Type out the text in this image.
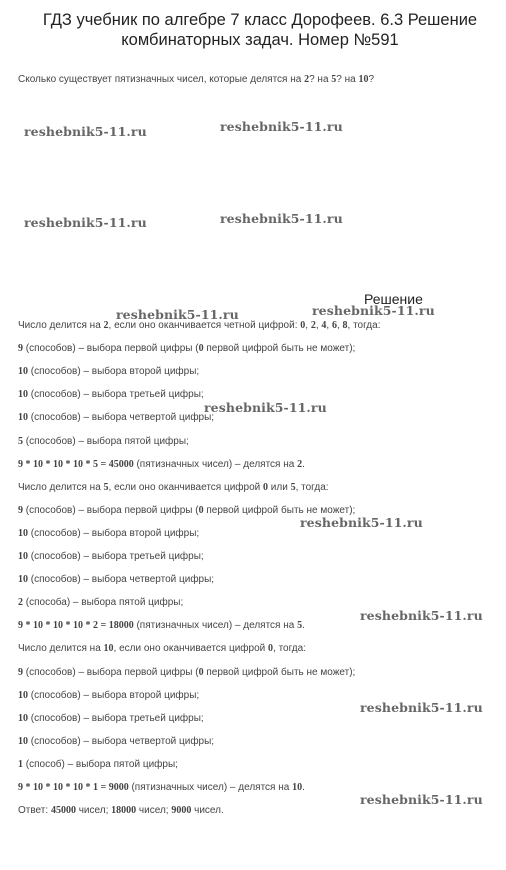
ГДЗ учебник по алгебре 7 класс Дорофеев. 6.3 Решение
комбинаторных задач. Номер №591
Сколько существует пятизначных чисел, которые делятся на 2? на 5? на 10?
reshebnik5-11.ru	reshebnik5-11.ru
reshebnik5-11.ru	reshebnik5-11.ru
reshebnik5-11.ru	reshebnik5-11.ru
reshebnik5-11.ru
reshebnik5-11.ru
reshebnik5-11.ru
reshebnik5-11.ru
reshebnik5-11.ru
Решение
Число делится на 2, если оно оканчивается четной цифрой: 0, 2, 4, 6, 8, тогда:
9 (способов) – выбора первой цифры (0 первой цифрой быть не может);
10 (способов) – выбора второй цифры;
10 (способов) – выбора третьей цифры;
10 (способов) – выбора четвертой цифры;
5 (способов) – выбора пятой цифры;
9 * 10 * 10 * 10 * 5 = 45000 (пятизначных чисел) – делятся на 2.
Число делится на 5, если оно оканчивается цифрой 0 или 5, тогда:
9 (способов) – выбора первой цифры (0 первой цифрой быть не может);
10 (способов) – выбора второй цифры;
10 (способов) – выбора третьей цифры;
10 (способов) – выбора четвертой цифры;
2 (способа) – выбора пятой цифры;
9 * 10 * 10 * 10 * 2 = 18000 (пятизначных чисел) – делятся на 5.
Число делится на 10, если оно оканчивается цифрой 0, тогда:
9 (способов) – выбора первой цифры (0 первой цифрой быть не может);
10 (способов) – выбора второй цифры;
10 (способов) – выбора третьей цифры;
10 (способов) – выбора четвертой цифры;
1 (способ) – выбора пятой цифры;
9 * 10 * 10 * 10 * 1 = 9000 (пятизначных чисел) – делятся на 10.
Ответ: 45000 чисел; 18000 чисел; 9000 чисел.
